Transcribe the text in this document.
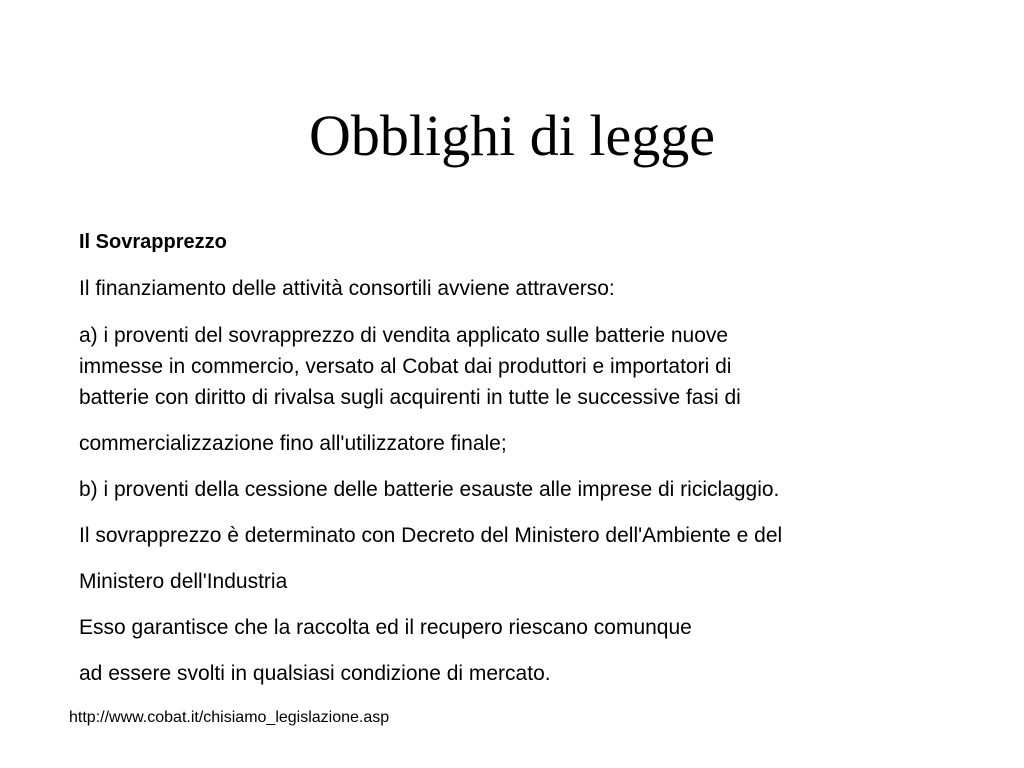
Obblighi di legge

Il Sovrapprezzo

Il finanziamento delle attività consortili avviene attraverso:

a) i proventi del sovrapprezzo di vendita applicato sulle batterie nuove
immesse in commercio, versato al Cobat dai produttori e importatori di
batterie con diritto di rivalsa sugli acquirenti in tutte le successive fasi di

commercializzazione fino all'utilizzatore finale;

b) i proventi della cessione delle batterie esauste alle imprese di riciclaggio.

Il sovrapprezzo è determinato con Decreto del Ministero dell'Ambiente e del

Ministero dell'Industria

Esso garantisce che la raccolta ed il recupero riescano comunque

ad essere svolti in qualsiasi condizione di mercato.

http://www.cobat.it/chisiamo_legislazione.asp
